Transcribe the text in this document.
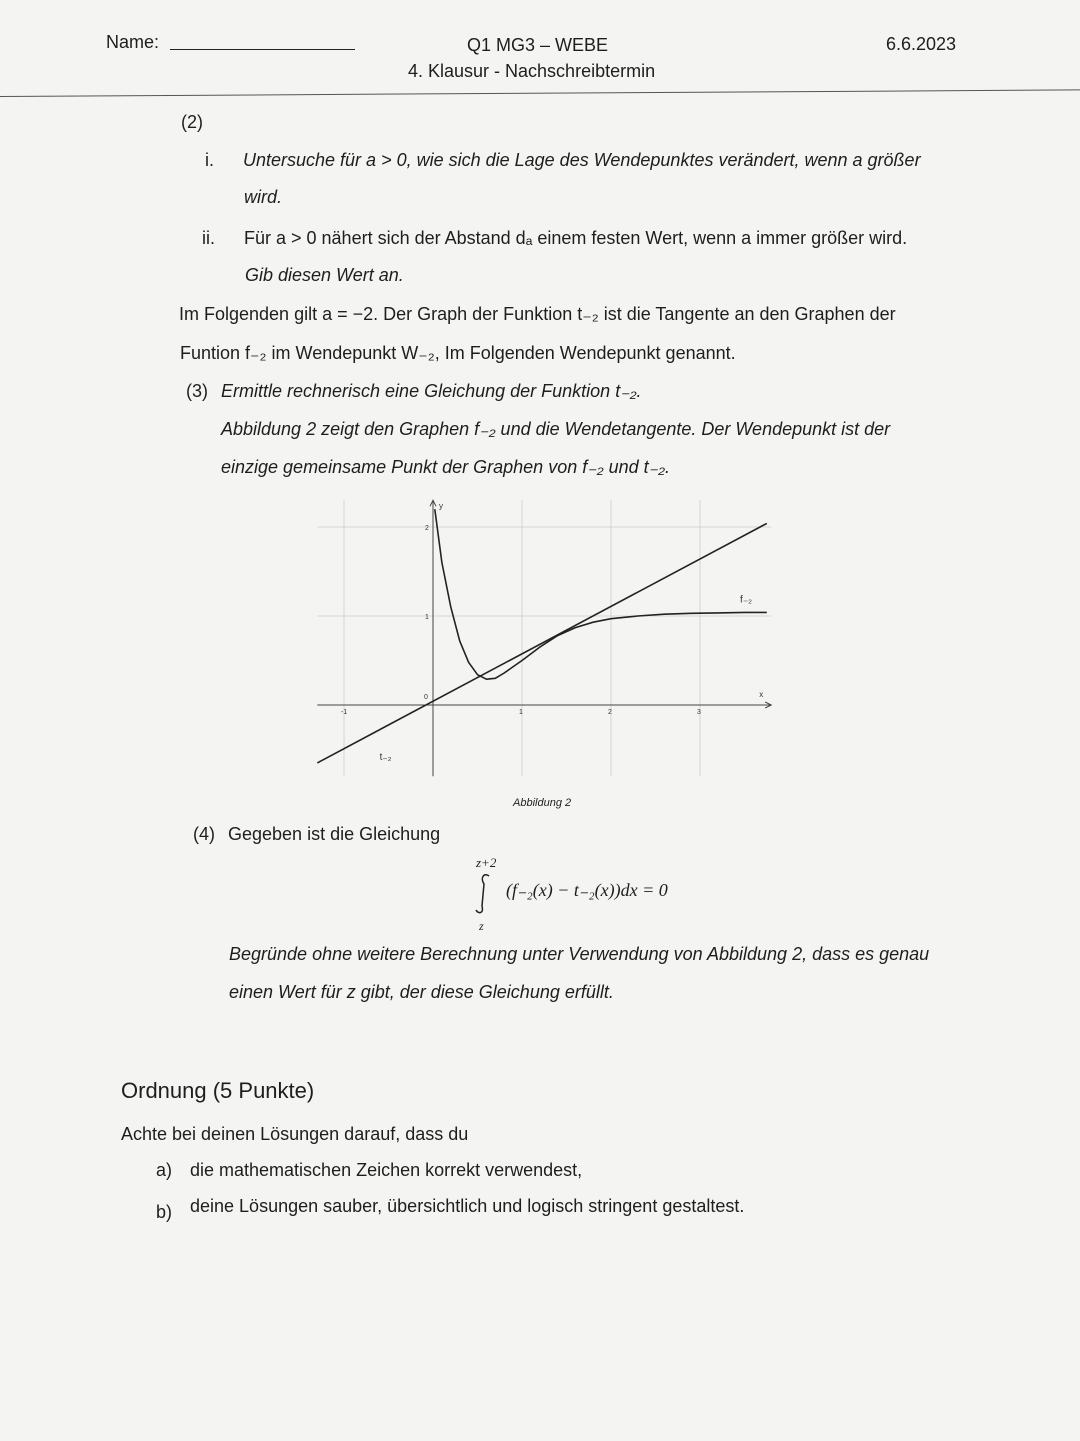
Name:	Q1 MG3 – WEBE
4. Klausur - Nachschreibtermin
6.6.2023
(2)
i. Untersuche für a > 0, wie sich die Lage des Wendepunktes verändert, wenn a größer
wird.
ii. Für a > 0 nähert sich der Abstand dₐ einem festen Wert, wenn a immer größer wird.
Gib diesen Wert an.
Im Folgenden gilt a = −2. Der Graph der Funktion t₋₂ ist die Tangente an den Graphen der
Funtion f₋₂ im Wendepunkt W₋₂, Im Folgenden Wendepunkt genannt.
(3) Ermittle rechnerisch eine Gleichung der Funktion t₋₂.
Abbildung 2 zeigt den Graphen f₋₂ und die Wendetangente. Der Wendepunkt ist der
einzige gemeinsame Punkt der Graphen von f₋₂ und t₋₂.
-1	1	2	3
1
2
0	x
y
f₋₂
t₋₂
Abbildung 2
(4) Gegeben ist die Gleichung
z+2
z
(f₋₂(x) − t₋₂(x))dx = 0
Begründe ohne weitere Berechnung unter Verwendung von Abbildung 2, dass es genau
einen Wert für z gibt, der diese Gleichung erfüllt.
Ordnung (5 Punkte)
Achte bei deinen Lösungen darauf, dass du
a) die mathematischen Zeichen korrekt verwendest,
b) deine Lösungen sauber, übersichtlich und logisch stringent gestaltest.
